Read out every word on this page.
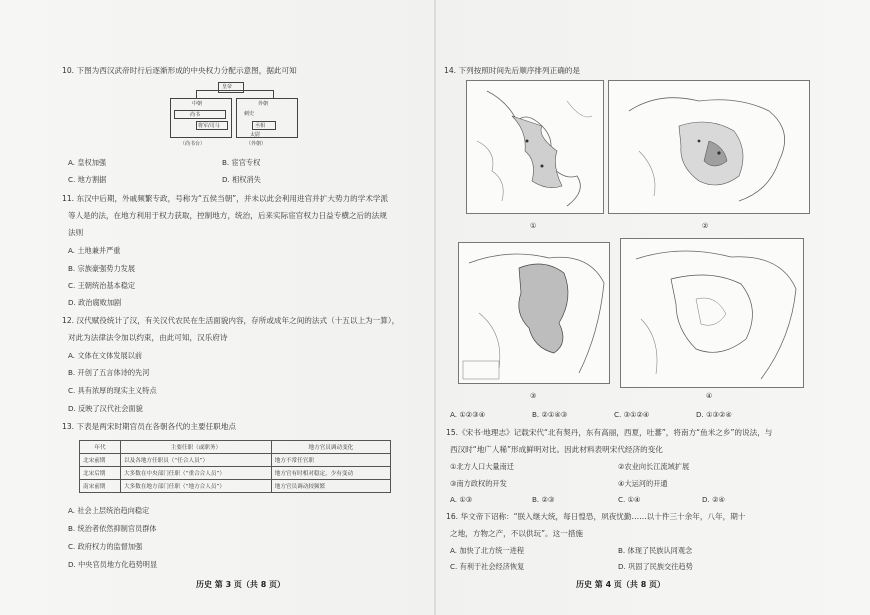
10. 下图为西汉武帝时行后逐渐形成的中央权力分配示意图，据此可知
皇帝
中朝	外朝
尚书	刺史
将军/司马	丞相
太尉
（尚书台）	（外朝）
A. 皇权加强	B. 宦官专权
C. 地方割据	D. 相权消失
11. 东汉中后期，外戚频繁专政，号称为“五侯当朝”，并未以此会利用进官并扩大势力的学术学派
等人是的法，在地方利用于权力获取，控制地方，统治，后来实际宦官权力日益专横之后的法规
法则
A. 土地兼并严重
B. 宗族豪强势力发展
C. 王朝统治基本稳定
D. 政治腐败加剧
12. 汉代赋役统计了汉，有关汉代农民在生活面貌内容，存所或成年之间的法式（十五以上为一算），
对此为法律法令加以约束，由此可知，汉乐府诗
A. 文体在文体发展以前
B. 开创了五言体诗的先河
C. 具有浓厚的现实主义特点
D. 反映了汉代社会面貌
13. 下表是两宋时期官员在各朝各代的主要任职地点
年代	主要任职（或职务）	地方官员调动变化
北宋前期	以及各地方任职员（“任合人员”）	地方不常任官职
北宋后期	大多数在中央部门任职（“重合合人员”）	地方官有时相对稳定，少有变动
南宋前期	大多数在地方部门任职（“地方合人员”）	地方官员调动较频繁
A. 社会上层统治趋向稳定
B. 统治者依然抑制官员群体
C. 政府权力的监督加强
D. 中央官员地方化趋势明显
历史 第 3 页（共 8 页）
14. 下列按照时间先后顺序排列正确的是
①	②
③	④
A. ①②③④	B. ②①④③	C. ③①②④	D. ①③②④
15.《宋书·地理志》记载宋代“北有契丹，东有高丽，西夏，吐蕃”，将南方“鱼米之乡”的说法，与
西汉时“地广人稀”形成鲜明对比。因此材料表明宋代经济的变化
①北方人口大量南迁	②农业向长江流域扩展
③南方政权的开发	④大运河的开通
A. ①③	B. ②③	C. ①④	D. ②④
16. 华文帝下诏称：“朕入继大统，每日惶恐，夙夜忧勤……以十件三十余年，八年，期十
之地，方物之产，不以供玩”。这一措施
A. 加快了北方统一进程	B. 体现了民族认同观念
C. 有利于社会经济恢复	D. 巩固了民族交往趋势
历史 第 4 页（共 8 页）
